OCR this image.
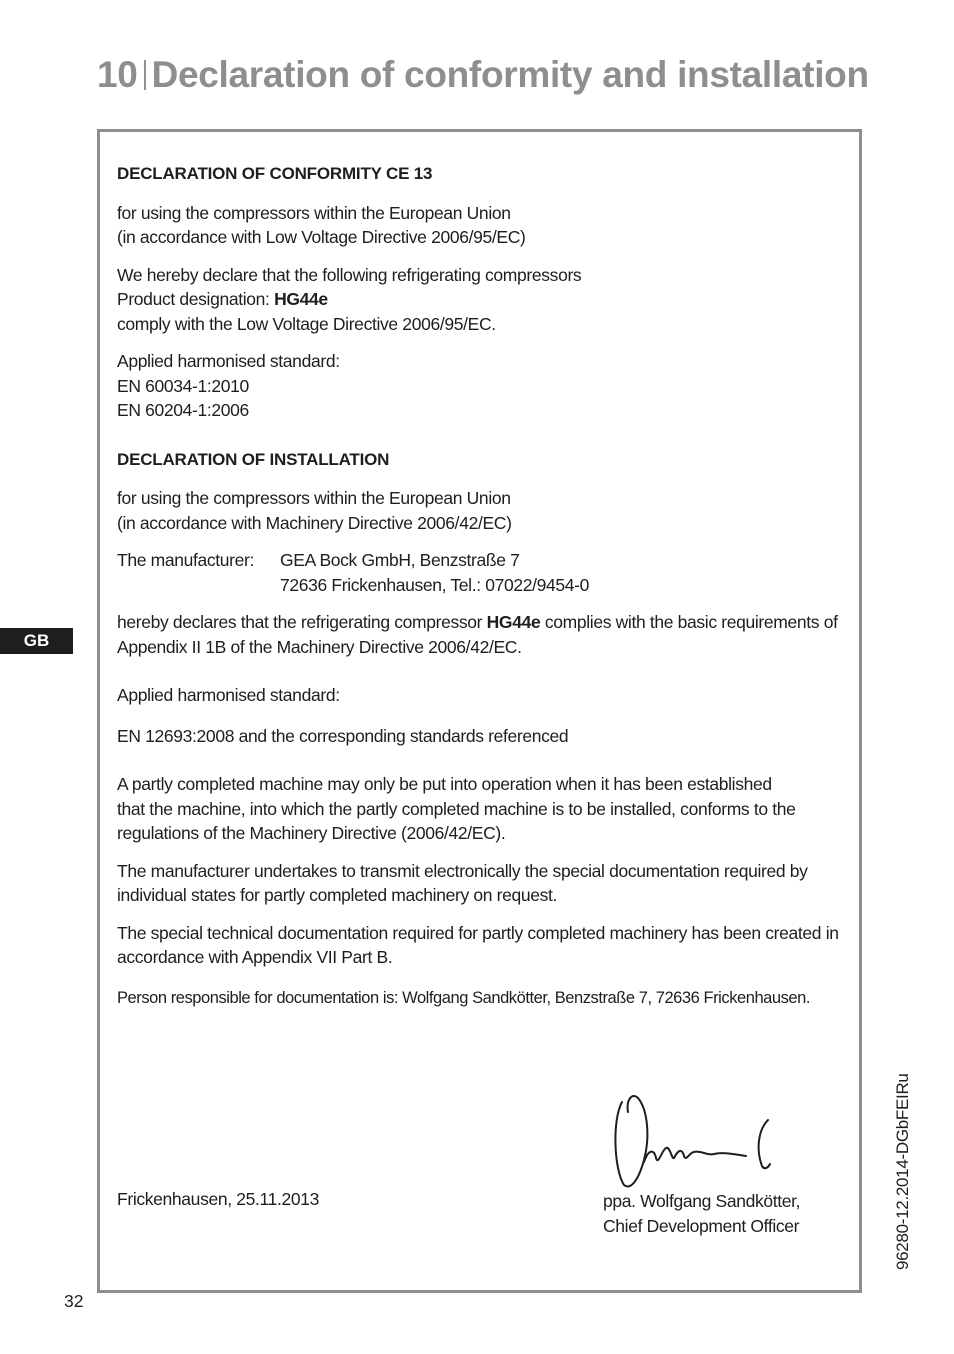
10 Declaration of conformity and installation
GB
DECLARATION OF CONFORMITY CE 13

for using the compressors within the European Union
(in accordance with Low Voltage Directive 2006/95/EC)

We hereby declare that the following refrigerating compressors
Product designation: HG44e
comply with the Low Voltage Directive 2006/95/EC.

Applied harmonised standard:
EN 60034-1:2010
EN 60204-1:2006

DECLARATION OF INSTALLATION

for using the compressors within the European Union
(in accordance with Machinery Directive 2006/42/EC)

The manufacturer:	GEA Bock GmbH, Benzstraße 7
72636 Frickenhausen, Tel.: 07022/9454-0

hereby declares that the refrigerating compressor HG44e complies with the basic requirements of Appendix II 1B of the Machinery Directive 2006/42/EC.

Applied harmonised standard:

EN 12693:2008 and the corresponding standards referenced

A partly completed machine may only be put into operation when it has been established
that the machine, into which the partly completed machine is to be installed, conforms to the regulations of the Machinery Directive (2006/42/EC).

The manufacturer undertakes to transmit electronically the special documentation required by individual states for partly completed machinery on request.

The special technical documentation required for partly completed machinery has been created in accordance with Appendix VII Part B.

Person responsible for documentation is: Wolfgang Sandkötter, Benzstraße 7, 72636 Frickenhausen.

Frickenhausen, 25.11.2013	ppa. Wolfgang Sandkötter,
Chief Development Officer	96280-12.2014-DGbFEIRu
32
